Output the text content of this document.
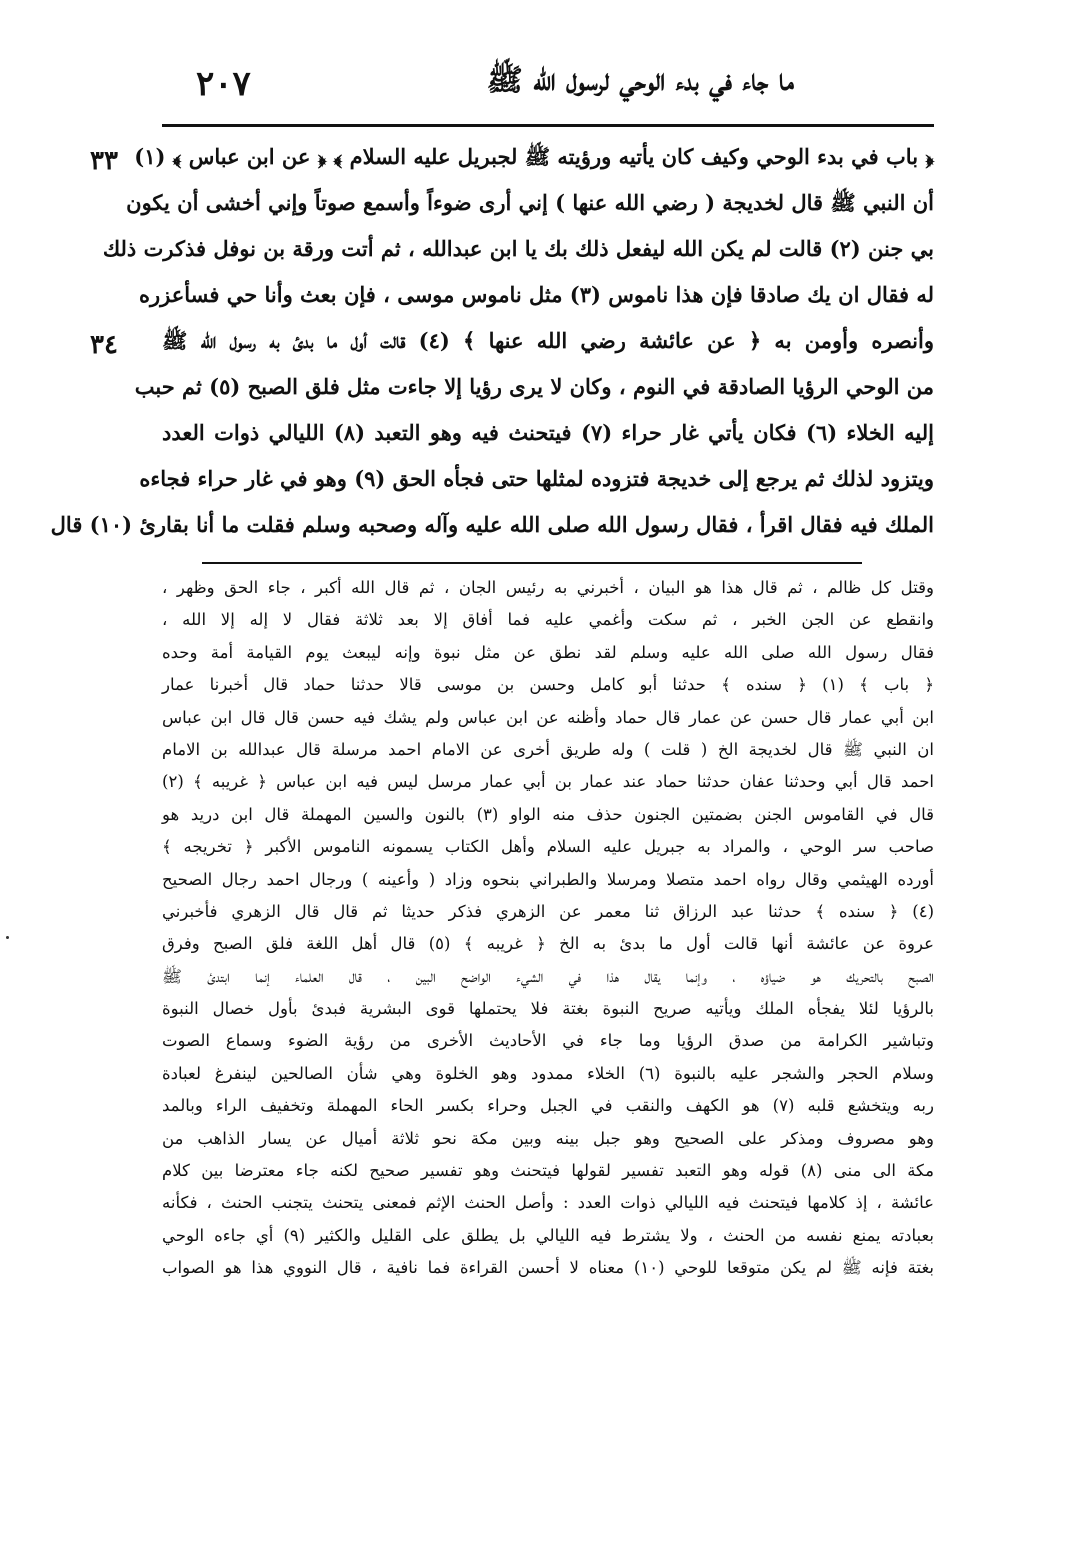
٢٠٧	ما جاء في بدء الوحي لرسول الله ﷺ
٣٣
٣٤
﴿ باب في بدء الوحي وكيف كان يأتيه ورؤيته ﷺ لجبريل عليه السلام ﴾ ﴿ عن ابن عباس ﴾ (١)
أن النبي ﷺ قال لخديجة ( رضي الله عنها ) إني أرى ضوءاً وأسمع صوتاً وإني أخشى أن يكون
بي جنن (٢) قالت لم يكن الله ليفعل ذلك بك يا ابن عبدالله ، ثم أتت ورقة بن نوفل فذكرت ذلك
له فقال ان يك صادقا فإن هذا ناموس (٣) مثل ناموس موسى ، فإن بعث وأنا حي فسأعزره
وأنصره وأومن به ﴿ عن عائشة رضي الله عنها ﴾ (٤) قالت أول ما بدئ به رسول الله ﷺ
من الوحي الرؤيا الصادقة في النوم ، وكان لا يرى رؤيا إلا جاءت مثل فلق الصبح (٥) ثم حبب
إليه الخلاء (٦) فكان يأتي غار حراء (٧) فيتحنث فيه وهو التعبد (٨) الليالي ذوات العدد
ويتزود لذلك ثم يرجع إلى خديجة فتزوده لمثلها حتى فجأه الحق (٩) وهو في غار حراء فجاءه
الملك فيه فقال اقرأ ، فقال رسول الله صلى الله عليه وآله وصحبه وسلم فقلت ما أنا بقارئ (١٠) قال
وقتل كل ظالم ، ثم قال هذا هو البيان ، أخبرني به رئيس الجان ، ثم قال الله أكبر ، جاء الحق وظهر ،
وانقطع عن الجن الخبر ، ثم سكت وأغمي عليه فما أفاق إلا بعد ثلاثة فقال لا إله إلا الله ،
فقال رسول الله صلى الله عليه وسلم لقد نطق عن مثل نبوة وإنه ليبعث يوم القيامة أمة وحده
﴿ باب ﴾ (١) ﴿ سنده ﴾ حدثنا أبو كامل وحسن بن موسى قالا حدثنا حماد قال أخبرنا عمار
ابن أبي عمار قال حسن عن عمار قال حماد وأظنه عن ابن عباس ولم يشك فيه حسن قال قال ابن عباس
ان النبي ﷺ قال لخديجة الخ ( قلت ) وله طريق أخرى عن الامام احمد مرسلة قال عبدالله بن الامام
احمد قال أبي وحدثنا عفان حدثنا حماد عند عمار بن أبي عمار مرسل ليس فيه ابن عباس ﴿ غريبه ﴾ (٢)
قال في القاموس الجنن بضمتين الجنون حذف منه الواو (٣) بالنون والسين المهملة قال ابن دريد هو
صاحب سر الوحي ، والمراد به جبريل عليه السلام وأهل الكتاب يسمونه الناموس الأكبر ﴿ تخريجه ﴾
أورده الهيثمي وقال رواه احمد متصلا ومرسلا والطبراني بنحوه وزاد ( وأعينه ) ورجال احمد رجال الصحيح
(٤) ﴿ سنده ﴾ حدثنا عبد الرزاق ثنا معمر عن الزهري فذكر حديثا ثم قال قال الزهري فأخبرني
عروة عن عائشة أنها قالت أول ما بدئ به الخ ﴿ غريبه ﴾ (٥) قال أهل اللغة فلق الصبح وفرق
الصبح بالتحريك هو ضياؤه ، وإنما يقال هذا في الشيء الواضح البين ، قال العلماء إنما ابتدئ ﷺ
بالرؤيا لئلا يفجأه الملك ويأتيه صريح النبوة بغتة فلا يحتملها قوى البشرية فبدئ بأول خصال النبوة
وتباشير الكرامة من صدق الرؤيا وما جاء في الأحاديث الأخرى من رؤية الضوء وسماع الصوت
وسلام الحجر والشجر عليه بالنبوة (٦) الخلاء ممدود وهو الخلوة وهي شأن الصالحين لينفرغ لعبادة
ربه ويتخشع قلبه (٧) هو الكهف والنقب في الجبل وحراء بكسر الحاء المهملة وتخفيف الراء وبالمد
وهو مصروف ومذكر على الصحيح وهو جبل بينه وبين مكة نحو ثلاثة أميال عن يسار الذاهب من
مكة الى منى (٨) قوله وهو التعبد تفسير لقولها فيتحنث وهو تفسير صحيح لكنه جاء معترضا بين كلام
عائشة ، إذ كلامها فيتحنث فيه الليالي ذوات العدد : وأصل الحنث الإثم فمعنى يتحنث يتجنب الحنث ، فكأنه
بعبادته يمنع نفسه من الحنث ، ولا يشترط فيه الليالي بل يطلق على القليل والكثير (٩) أي جاءه الوحي
بغتة فإنه ﷺ لم يكن متوقعا للوحي (١٠) معناه لا أحسن القراءة فما نافية ، قال النووي هذا هو الصواب
